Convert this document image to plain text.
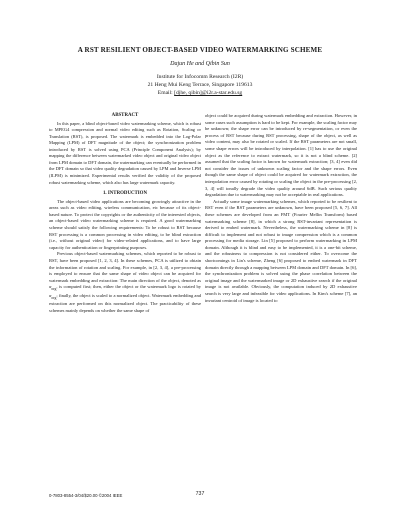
A RST RESILIENT OBJECT-BASED VIDEO WATERMARKING SCHEME
Dajun He and Qibin Sun
Institute for Infocomm Research (I2R)
21 Heng Mui Keng Terrace, Singapore 119613
Email: [djhe, qibin]@i2r.a-star.edu.sg
ABSTRACT

In this paper, a blind object-based video watermarking scheme, which is robust to MPEG4 compression and normal video editing such as Rotation, Scaling or Translation (RST), is proposed. The watermark is embedded into the Log-Polar Mapping (LPM) of DFT magnitude of the object; the synchronization problem introduced by RST is solved using PCA (Principle Component Analysis); by mapping the difference between watermarked video object and original video object from LPM domain to DFT domain, the watermarking can eventually be performed in the DFT domain so that video quality degradation caused by LPM and Inverse LPM (ILPM) is minimized. Experimental results verified the validity of the proposed robust watermarking scheme, which also has large watermark capacity.

1. INTRODUCTION

The object-based video applications are becoming growingly attractive in the areas such as video editing, wireless communication, etc because of its object-based nature. To protect the copyrights or the authenticity of the interested objects, an object-based video watermarking scheme is required. A good watermarking scheme should satisfy the following requirements: To be robust to RST because RST processing is a common processing in video editing, to be blind extraction (i.e., without original video) for video-related applications, and to have large capacity for authentication or fingerprinting purposes.

Previous object-based watermarking schemes, which reported to be robust to RST, have been proposed [1, 2, 3, 4]. In these schemes, PCA is utilized to obtain the information of rotation and scaling. For example, in [2, 3, 4], a pre-processing is employed to ensure that the same shape of video object can be acquired for watermark embedding and extraction: The main direction of the object, denoted as $\alpha_{org}$, is computed first; then, either the object or the watermark logo is rotated by $\alpha_{org}$; finally, the object is scaled to a normalized object. Watermark embedding and extraction are performed on this normalized object. The practicability of these schemes mainly depends on whether the same shape of

object could be acquired during watermark embedding and extraction. However, in some cases such assumption is hard to be kept. For example, the scaling factor may be unknown; the shape error can be introduced by re-segmentation, or even the process of RST because during RST processing, shape of the object, as well as video content, may also be rotated or scaled. If the RST parameters are not small, some shape errors will be introduced by interpolation. [1] has to use the original object as the reference to extract watermark, so it is not a blind scheme. [2] assumed that the scaling factor is known for watermark extraction; [3, 4] even did not consider the issues of unknown scaling factor and the shape errors. Even though the same shape of object could be acquired for watermark extraction, the interpolation error caused by rotating or scaling the object in the pre-processing [2, 3, 4] will tonally degrade the video quality around 6dB. Such serious quality degradation due to watermarking may not be acceptable in real applications.

Actually some image watermarking schemes, which reported to be resilient to RST even if the RST parameters are unknown, have been proposed [5, 6, 7]. All these schemes are developed from an FMT (Fourier Mellin Transform) based watermarking scheme [8], in which a strong RST-invariant representation is derived to embed watermark. Nevertheless, the watermarking scheme in [8] is difficult to implement and not robust to image compression which is a common processing for media storage. Lin [5] proposed to perform watermarking in LPM domain. Although it is blind and easy to be implemented, it is a one-bit scheme, and the robustness to compression is not considered either. To overcome the shortcomings in Lin's scheme, Zheng [6] proposed to embed watermark in DFT domain directly through a mapping between LPM domain and DFT domain. In [6], the synchronization problem is solved using the phase correlation between the original image and the watermarked image or 2D exhaustive search if the original image is not available. Obviously, the computation induced by 2D exhaustive search is very large and infeasible for video applications. In Kim's scheme [7], an invariant centroid of image is located to

0-7803-8554-3/04/$20.00 ©2004 IEEE	737
